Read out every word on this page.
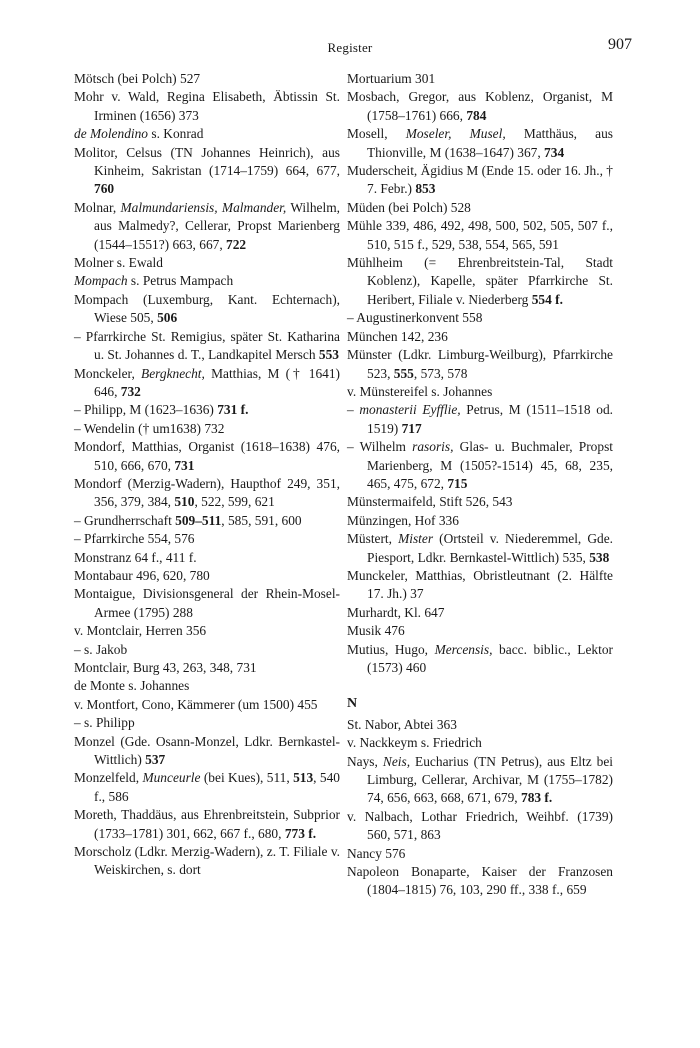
Register	907

Mötsch (bei Polch) 527

Mohr v. Wald, Regina Elisabeth, Äbtissin St. Irminen (1656) 373

de Molendino s. Konrad

Molitor, Celsus (TN Johannes Heinrich), aus Kinheim, Sakristan (1714–1759) 664, 677, 760

Molnar, Malmundariensis, Malmander, Wilhelm, aus Malmedy?, Cellerar, Propst Marienberg (1544–1551?) 663, 667, 722

Molner s. Ewald

Mompach s. Petrus Mampach

Mompach (Luxemburg, Kant. Echternach), Wiese 505, 506

– Pfarrkirche St. Remigius, später St. Katharina u. St. Johannes d. T., Landkapitel Mersch 553

Monckeler, Bergknecht, Matthias, M († 1641) 646, 732

– Philipp, M (1623–1636) 731 f.

– Wendelin († um1638) 732

Mondorf, Matthias, Organist (1618–1638) 476, 510, 666, 670, 731

Mondorf (Merzig-Wadern), Haupthof 249, 351, 356, 379, 384, 510, 522, 599, 621

– Grundherrschaft 509–511, 585, 591, 600

– Pfarrkirche 554, 576

Monstranz 64 f., 411 f.

Montabaur 496, 620, 780

Montaigue, Divisionsgeneral der Rhein-Mosel-Armee (1795) 288

v. Montclair, Herren 356

– s. Jakob

Montclair, Burg 43, 263, 348, 731

de Monte s. Johannes

v. Montfort, Cono, Kämmerer (um 1500) 455

– s. Philipp

Monzel (Gde. Osann-Monzel, Ldkr. Bernkastel-Wittlich) 537

Monzelfeld, Munceurle (bei Kues), 511, 513, 540 f., 586

Moreth, Thaddäus, aus Ehrenbreitstein, Subprior (1733–1781) 301, 662, 667 f., 680, 773 f.

Morscholz (Ldkr. Merzig-Wadern), z. T. Filiale v. Weiskirchen, s. dort

Mortuarium 301

Mosbach, Gregor, aus Koblenz, Organist, M (1758–1761) 666, 784

Mosell, Moseler, Musel, Matthäus, aus Thionville, M (1638–1647) 367, 734

Muderscheit, Ägidius M (Ende 15. oder 16. Jh., † 7. Febr.) 853

Müden (bei Polch) 528

Mühle 339, 486, 492, 498, 500, 502, 505, 507 f., 510, 515 f., 529, 538, 554, 565, 591

Mühlheim (= Ehrenbreitstein-Tal, Stadt Koblenz), Kapelle, später Pfarrkirche St. Heribert, Filiale v. Niederberg 554 f.

– Augustinerkonvent 558

München 142, 236

Münster (Ldkr. Limburg-Weilburg), Pfarrkirche 523, 555, 573, 578

v. Münstereifel s. Johannes

– monasterii Eyfflie, Petrus, M (1511–1518 od. 1519) 717

– Wilhelm rasoris, Glas- u. Buchmaler, Propst Marienberg, M (1505?-1514) 45, 68, 235, 465, 475, 672, 715

Münstermaifeld, Stift 526, 543

Münzingen, Hof 336

Müstert, Mister (Ortsteil v. Niederemmel, Gde. Piesport, Ldkr. Bernkastel-Wittlich) 535, 538

Munckeler, Matthias, Obristleutnant (2. Hälfte 17. Jh.) 37

Murhardt, Kl. 647

Musik 476

Mutius, Hugo, Mercensis, bacc. biblic., Lektor (1573) 460

N

St. Nabor, Abtei 363

v. Nackkeym s. Friedrich

Nays, Neis, Eucharius (TN Petrus), aus Eltz bei Limburg, Cellerar, Archivar, M (1755–1782) 74, 656, 663, 668, 671, 679, 783 f.

v. Nalbach, Lothar Friedrich, Weihbf. (1739) 560, 571, 863

Nancy 576

Napoleon Bonaparte, Kaiser der Franzosen (1804–1815) 76, 103, 290 ff., 338 f., 659
